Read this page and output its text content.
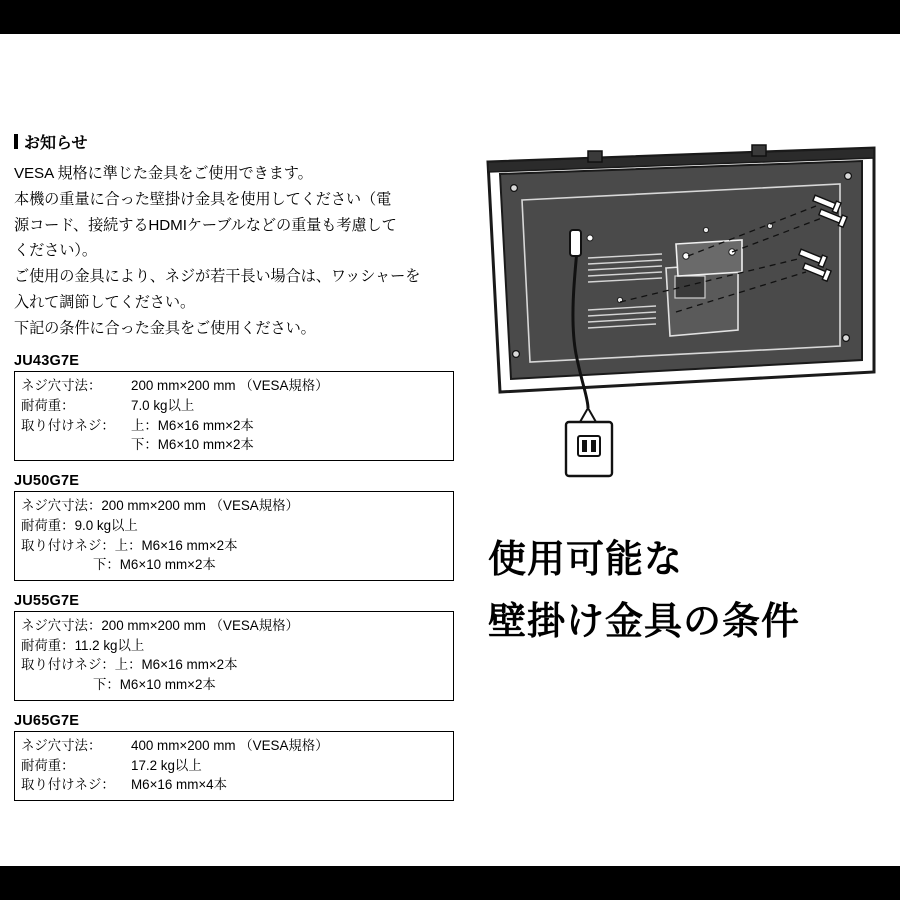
お知らせ

VESA 規格に準じた金具をご使用できます。

本機の重量に合った壁掛け金具を使用してください（電

源コード、接続するHDMIケーブルなどの重量も考慮して

ください）。

ご使用の金具により、ネジが若干長い場合は、ワッシャーを

入れて調節してください。

下記の条件に合った金具をご使用ください。

JU43G7E
ネジ穴寸法：	200 mm×200 mm （VESA規格）
耐荷重：	7.0 kg以上
取り付けネジ：	上：M6×16 mm×2本
下：M6×10 mm×2本
JU50G7E
ネジ穴寸法： 200 mm×200 mm （VESA規格）
耐荷重： 9.0 kg以上
取り付けネジ： 上：M6×16 mm×2本
下：M6×10 mm×2本
JU55G7E
ネジ穴寸法： 200 mm×200 mm （VESA規格）
耐荷重： 11.2 kg以上
取り付けネジ： 上：M6×16 mm×2本
下：M6×10 mm×2本
JU65G7E
ネジ穴寸法：	400 mm×200 mm （VESA規格）
耐荷重：	17.2 kg以上
取り付けネジ：	M6×16 mm×4本
使用可能な
壁掛け金具の条件
